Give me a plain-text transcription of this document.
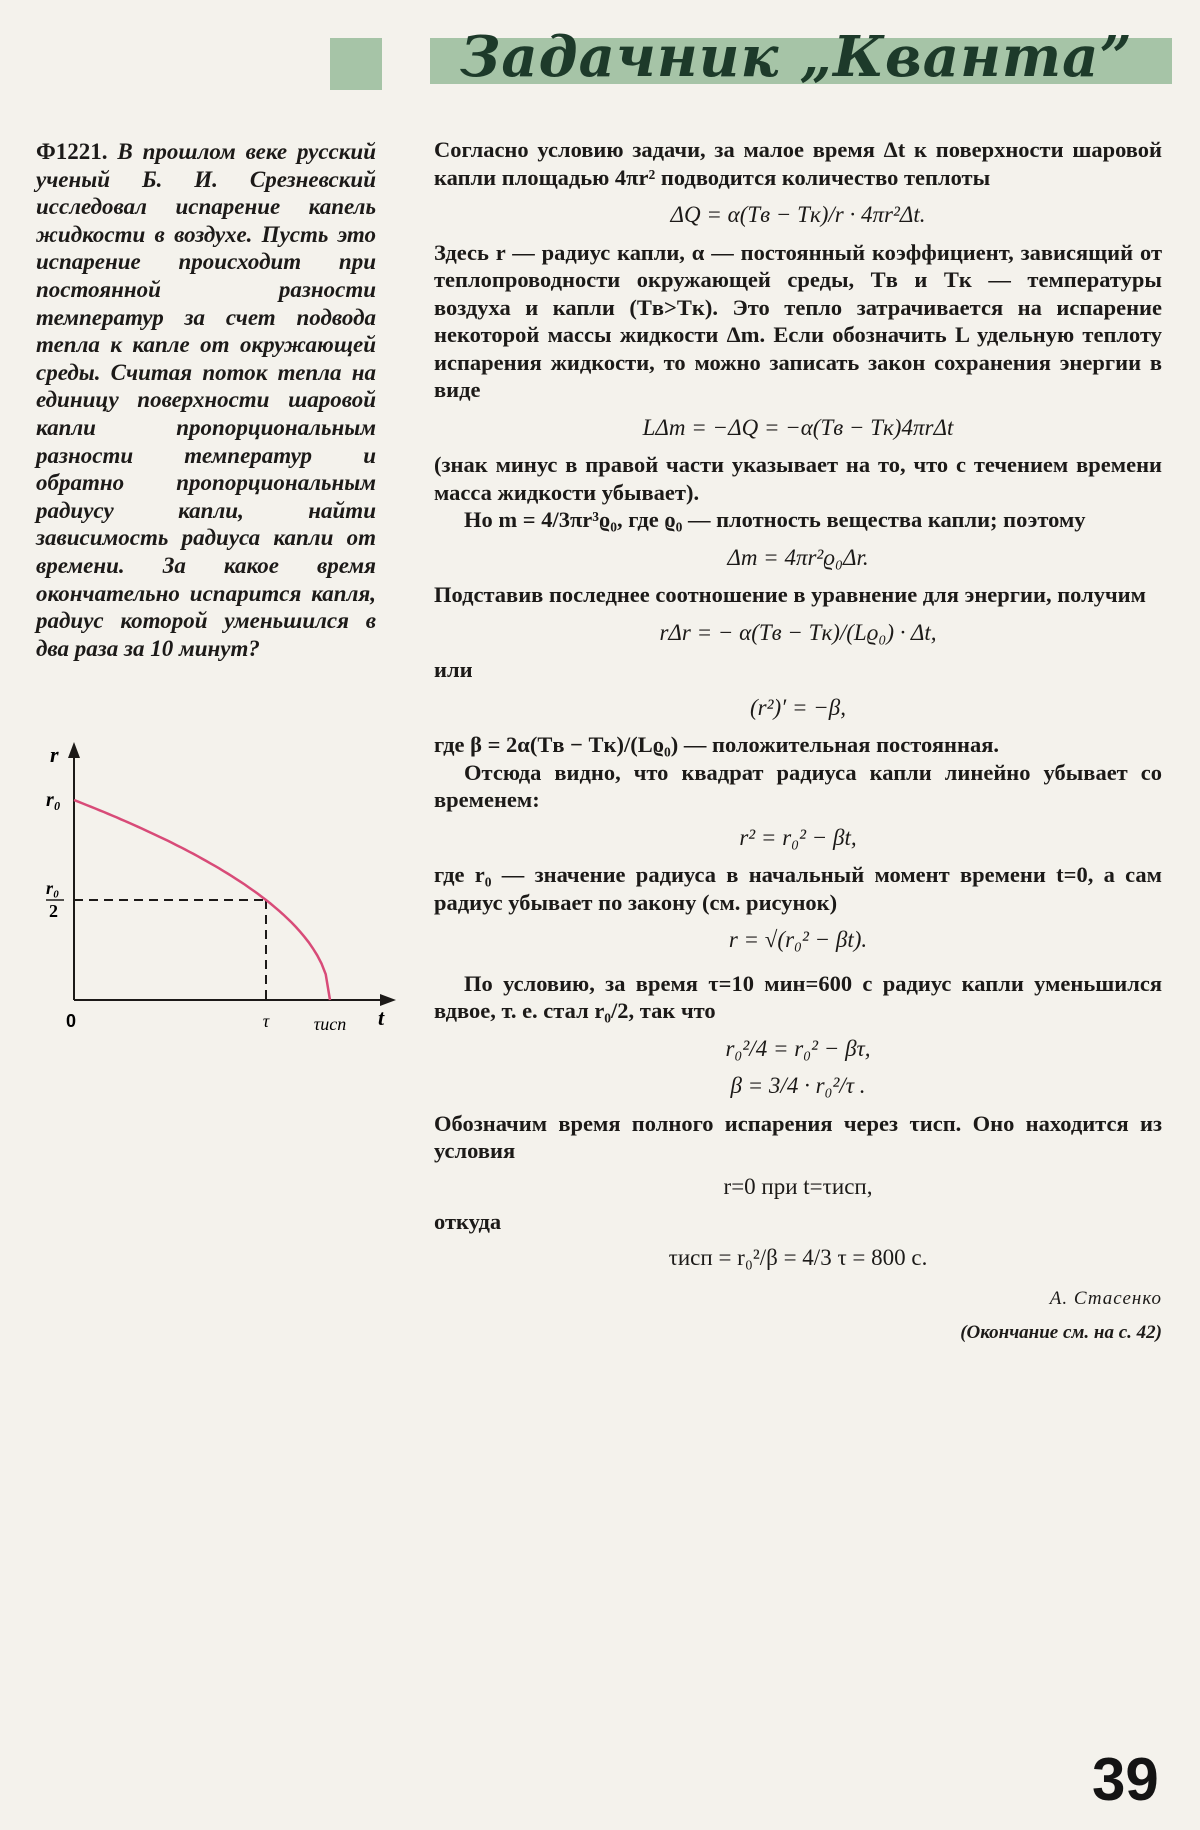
Задачник „Кванта”
Ф1221. В прошлом веке русский ученый Б. И. Срезневский исследовал испарение капель жидкости в воздухе. Пусть это испарение происходит при постоянной разности температур за счет подвода тепла к капле от окружающей среды. Считая поток тепла на единицу поверхности шаровой капли пропорциональным разности температур и обратно пропорциональным радиусу капли, найти зависимость радиуса капли от времени. За какое время окончательно испарится капля, радиус которой уменьшился в два раза за 10 минут?
r
t
r₀
r₀
2
0	τ τисп

Согласно условию задачи, за малое время Δt к поверхности шаровой капли площадью 4πr² подводится количество теплоты

ΔQ = α(Tв − Tк)/r · 4πr²Δt.

Здесь r — радиус капли, α — постоянный коэффициент, зависящий от теплопроводности окружающей среды, Tв и Tк — температуры воздуха и капли (Tв>Tк). Это тепло затрачивается на испарение некоторой массы жидкости Δm. Если обозначить L удельную теплоту испарения жидкости, то можно записать закон сохранения энергии в виде

LΔm = −ΔQ = −α(Tв − Tк)4πrΔt

(знак минус в правой части указывает на то, что с течением времени масса жидкости убывает).

Но m = 4/3πr³ϱ₀, где ϱ₀ — плотность вещества капли; поэтому

Δm = 4πr²ϱ₀Δr.

Подставив последнее соотношение в уравнение для энергии, получим

rΔr = − α(Tв − Tк)/(Lϱ₀) · Δt,

или

(r²)′ = −β,

где β = 2α(Tв − Tк)/(Lϱ₀) — положительная постоянная.

Отсюда видно, что квадрат радиуса капли линейно убывает со временем:

r² = r₀² − βt,

где r₀ — значение радиуса в начальный момент времени t=0, а сам радиус убывает по закону (см. рисунок)

r = √(r₀² − βt).

По условию, за время τ=10 мин=600 с радиус капли уменьшился вдвое, т. е. стал r₀/2, так что

r₀²/4 = r₀² − βτ,
β = 3/4 · r₀²/τ .

Обозначим время полного испарения через τисп. Оно находится из условия

r=0 при t=τисп,

откуда

τисп = r₀²/β = 4/3 τ = 800 с.
А. Стасенко
(Окончание см. на с. 42)
39
